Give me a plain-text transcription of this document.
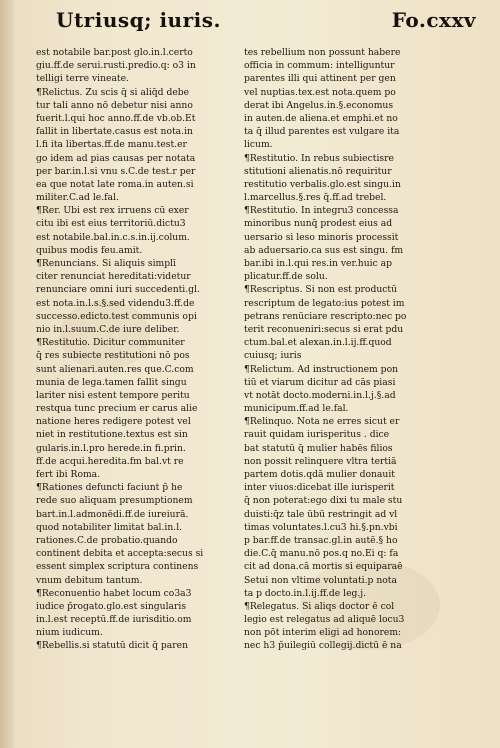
Utriusq; iuris.	Fo.cxxv
est notabile bar.post glo.in.l.certo
giu.ff.de serui.rusti.predio.q: o3 in
telligi terre vineate.
¶Relictus. Zu scis q̄ si aliq̄d debe
tur tali anno nō debetur nisi anno
fuerit.l.qui hoc anno.ff.de vb.ob.Et
fallit in libertate.casus est nota.in
l.fi ita libertas.ff.de manu.test.er
go idem ad pias causas per notata
per bar.in.l.si vnu s.C.de test.r per
ea que notat late roma.in auten.si
militer.C.ad le.fal.
¶Rer. Ubi est rex irruens cū exer
citu ibi est eius territoriū.dictu3
est notabile.bal.in.c.s.in.ij.colum.
quibus modis feu.amit.
¶Renuncians. Si aliquis simplī
citer renunciat hereditati:videtur
renunciare omni iuri succedenti.gl.
est nota.in.l.s.§.sed videndu3.ff.de
successo.edicto.test communis opi
nio in.l.suum.C.de iure deliber.
¶Restitutio. Dicitur communiter
q̄ res subiecte restitutioni nō pos
sunt alienari.auten.res que.C.com
munia de lega.tamen fallit singu
lariter nisi estent tempore peritu
restqua tunc precium er carus alie
natione heres redigere potest vel
niet in restitutione.textus est sin
gularis.in.l.pro herede.in fi.prin.
ff.de acqui.heredita.fm bal.vt re
fert ibi Roma.
¶Rationes defuncti faciunt p̄ he
rede suo aliquam presumptionem
bart.in.l.admonēdi.ff.de iureiurā.
quod notabiliter limitat bal.in.l.
rationes.C.de probatio.quando
continent debita et accepta:secus si
essent simplex scriptura continens
vnum debitum tantum.
¶Reconuentio habet locum co3a3
iudice p̄rogato.glo.est singularis
in.l.est receptū.ff.de iurisditio.om
nium iudicum.
¶Rebellis.si statutū dicit q̄ paren
tes rebellium non possunt habere
officia in commum: intelliguntur
parentes illi qui attinent per gen
vel nuptias.tex.est nota.quem po
derat ibi Angelus.in.§.economus
in auten.de aliena.et emphi.et no
ta q̄ illud parentes est vulgare ita
licum.
¶Restitutio. In rebus subiectisre
stitutioni alienatis.nō requiritur
restitutio verbalis.glo.est singu.in
l.marcellus.§.res q̄.ff.ad trebel.
¶Restitutio. In integru3 concessa
minoribus nunq̄ prodest eius ad
uersario si leso minoris processit
ab aduersario.ca sus est singu. fm
bar.ibi in.l.qui res.in ver.huic ap
plicatur.ff.de solu.
¶Rescriptus. Si non est productū
rescriptum de legato:ius potest im
petrans renūciare rescripto:nec po
terit reconueniri:secus si erat pdu
ctum.bal.et alexan.in.l.ij.ff.quod
cuiusq; iuris
¶Relictum. Ad instructionem pon
tiū et viarum dicitur ad cās piasi
vt notāt docto.moderni.in.l.j.§.ad
municipum.ff.ad le.fal.
¶Relinquo. Nota ne erres sicut er
rauit quidam iurisperitus . dice
bat statutū q̄ mulier habēs filios
non possit relinquere vltra tertiā
partem dotis.qdā mulier donauit
inter viuos:dicebat ille iurisperit
q̄ non poterat:ego dixi tu male stu
duisti:q̄z tale ūbū restringit ad vl
timas voluntates.l.cu3 hi.§.pn.vbi
p bar.ff.de transac.gl.in autē.§ ho
die.C.q̄ manu.nō pos.q no.Ei q: fa
cit ad dona.cā mortis si equiparaē
Setui non vltime voluntati.p nota
ta p docto.in.l.ij.ff.de leg.j.
¶Relegatus. Si aliqs doctor ē col
legio est relegatus ad aliquē locu3
non pōt interim eligi ad honorem:
nec h3 p̄uilegiū collegij.dictū ē na
